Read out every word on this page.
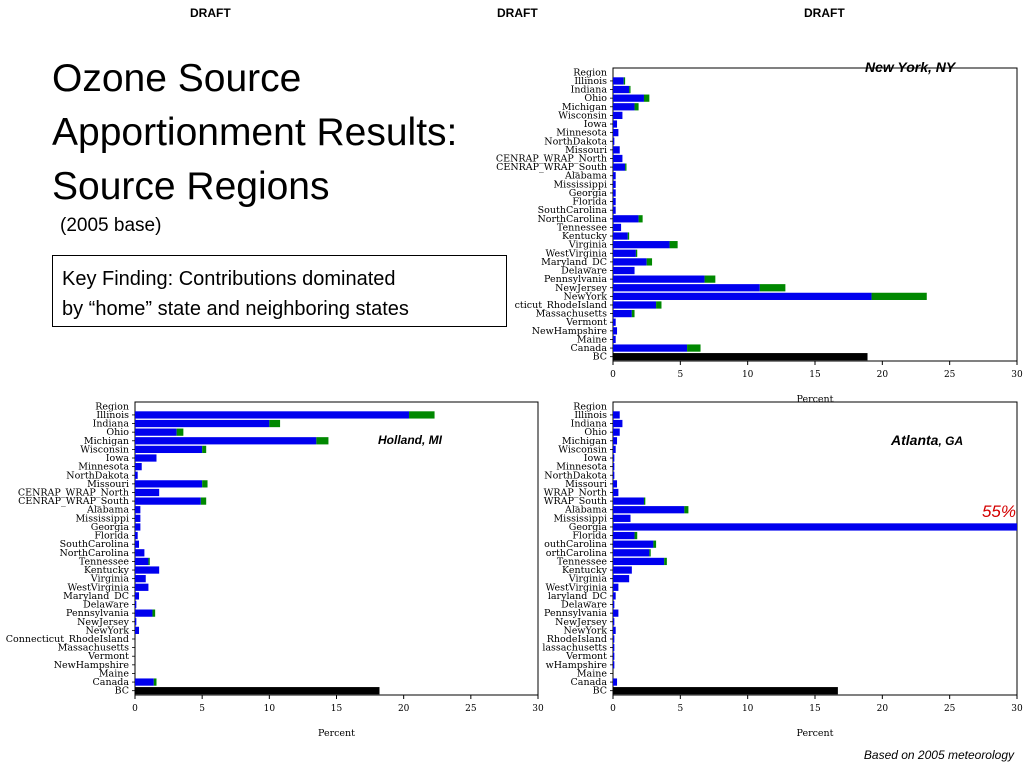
DRAFT	DRAFT	DRAFT
Ozone Source
Apportionment Results:
Source Regions
(2005 base)
Key Finding: Contributions dominated
by “home” state and neighboring states
Region
Illinois
Indiana
Ohio
Michigan
Wisconsin
Iowa
Minnesota
NorthDakota
Missouri
CENRAP_WRAP_North
CENRAP_WRAP_South
Alabama
Mississippi
Georgia
Florida
SouthCarolina
NorthCarolina
Tennessee
Kentucky
Virginia
WestVirginia
Maryland_DC
Delaware
Pennsylvania
NewJersey
NewYork
cticut_RhodeIsland
Massachusetts
Vermont
NewHampshire
Maine
Canada
BC
0	5	10	15	20	25	30
Percent
Region
Illinois
Indiana
Ohio
Michigan
Wisconsin
Iowa
Minnesota
NorthDakota
Missouri
CENRAP_WRAP_North
CENRAP_WRAP_South
Alabama
Mississippi
Georgia
Florida
SouthCarolina
NorthCarolina
Tennessee
Kentucky
Virginia
WestVirginia
Maryland_DC
Delaware
Pennsylvania
NewJersey
NewYork
Connecticut_RhodeIsland
Massachusetts
Vermont
NewHampshire
Maine
Canada
BC
0	5	10	15	20	25	30
Percent
Region
Illinois
Indiana
Ohio
Michigan
Wisconsin
Iowa
Minnesota
NorthDakota
Missouri
WRAP_North
WRAP_South
Alabama
Mississippi
Georgia
Florida
outhCarolina
orthCarolina
Tennessee
Kentucky
Virginia
WestVirginia
laryland_DC
Delaware
Pennsylvania
NewJersey
NewYork
RhodeIsland
lassachusetts
Vermont
wHampshire
Maine
Canada
BC
0	5	10	15	20	25	30
Percent
New York, NY
Holland, MI	Atlanta, GA
55%
Based on 2005 meteorology
